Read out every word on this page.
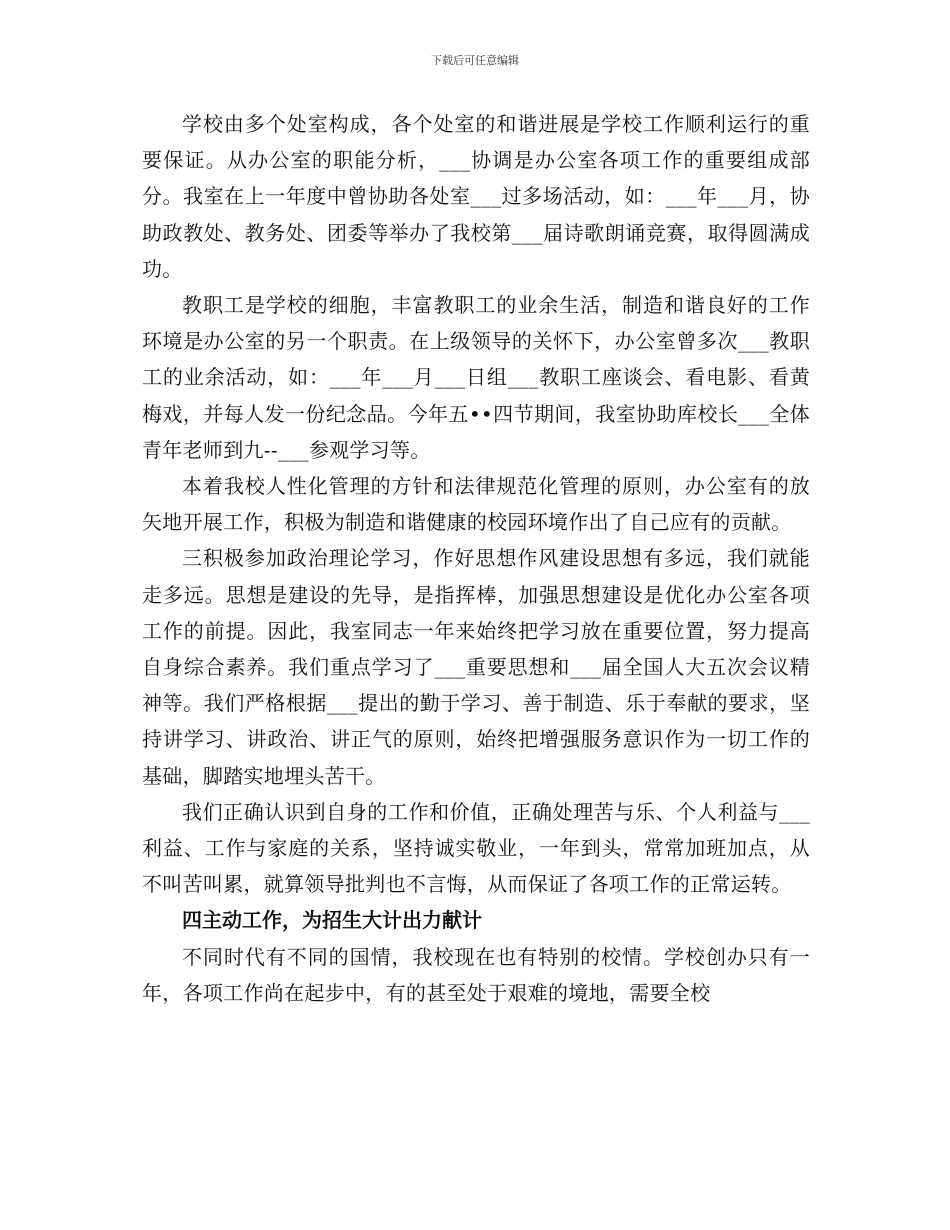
下载后可任意编辑

学校由多个处室构成，各个处室的和谐进展是学校工作顺利运行的重要保证。从办公室的职能分析，___协调是办公室各项工作的重要组成部分。我室在上一年度中曾协助各处室___过多场活动，如：___年___月，协助政教处、教务处、团委等举办了我校第___届诗歌朗诵竞赛，取得圆满成功。

教职工是学校的细胞，丰富教职工的业余生活，制造和谐良好的工作环境是办公室的另一个职责。在上级领导的关怀下，办公室曾多次___教职工的业余活动，如：___年___月___日组___教职工座谈会、看电影、看黄梅戏，并每人发一份纪念品。今年五••四节期间，我室协助库校长___全体青年老师到九--___参观学习等。

本着我校人性化管理的方针和法律规范化管理的原则，办公室有的放矢地开展工作，积极为制造和谐健康的校园环境作出了自己应有的贡献。

三积极参加政治理论学习，作好思想作风建设思想有多远，我们就能走多远。思想是建设的先导，是指挥棒，加强思想建设是优化办公室各项工作的前提。因此，我室同志一年来始终把学习放在重要位置，努力提高自身综合素养。我们重点学习了___重要思想和___届全国人大五次会议精神等。我们严格根据___提出的勤于学习、善于制造、乐于奉献的要求，坚持讲学习、讲政治、讲正气的原则，始终把增强服务意识作为一切工作的基础，脚踏实地埋头苦干。

我们正确认识到自身的工作和价值，正确处理苦与乐、个人利益与___利益、工作与家庭的关系，坚持诚实敬业，一年到头，常常加班加点，从不叫苦叫累，就算领导批判也不言悔，从而保证了各项工作的正常运转。

四主动工作，为招生大计出力献计

不同时代有不同的国情，我校现在也有特别的校情。学校创办只有一年，各项工作尚在起步中，有的甚至处于艰难的境地，需要全校
